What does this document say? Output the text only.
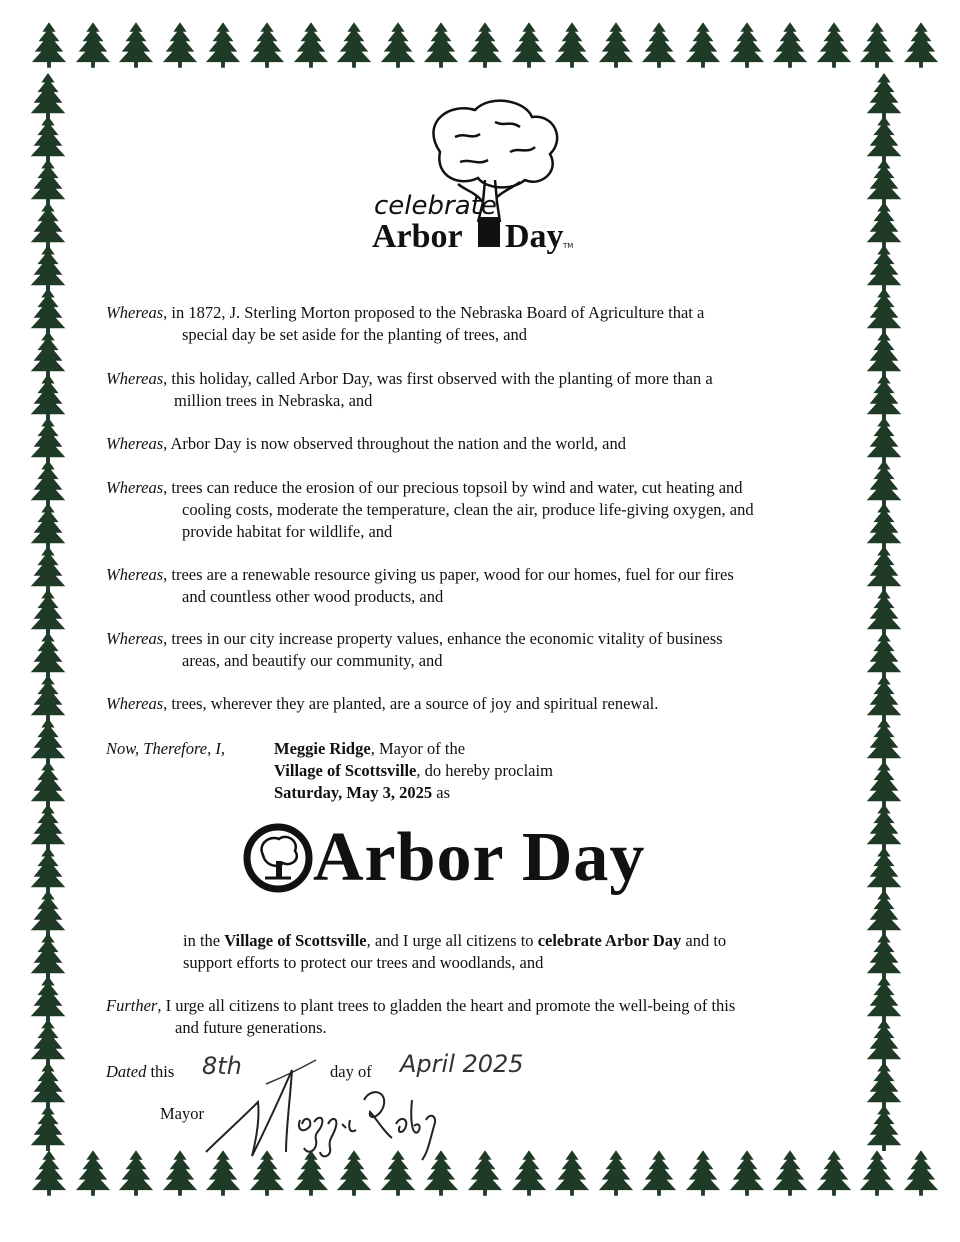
celebrate
Arbor Day TM
Whereas, in 1872, J. Sterling Morton proposed to the Nebraska Board of Agriculture that a
special day be set aside for the planting of trees, and
Whereas, this holiday, called Arbor Day, was first observed with the planting of more than a
million trees in Nebraska, and
Whereas, Arbor Day is now observed throughout the nation and the world, and
Whereas, trees can reduce the erosion of our precious topsoil by wind and water, cut heating and
cooling costs, moderate the temperature, clean the air, produce life-giving oxygen, and
provide habitat for wildlife, and
Whereas, trees are a renewable resource giving us paper, wood for our homes, fuel for our fires
and countless other wood products, and
Whereas, trees in our city increase property values, enhance the economic vitality of business
areas, and beautify our community, and
Whereas, trees, wherever they are planted, are a source of joy and spiritual renewal.
Now, Therefore, I,	Meggie Ridge, Mayor of the
Village of Scottsville, do hereby proclaim
Saturday, May 3, 2025 as
Arbor Day
in the Village of Scottsville, and I urge all citizens to celebrate Arbor Day and to
support efforts to protect our trees and woodlands, and
Further, I urge all citizens to plant trees to gladden the heart and promote the well-being of this
and future generations.
Dated this 8th	day of April 2025
Mayor
